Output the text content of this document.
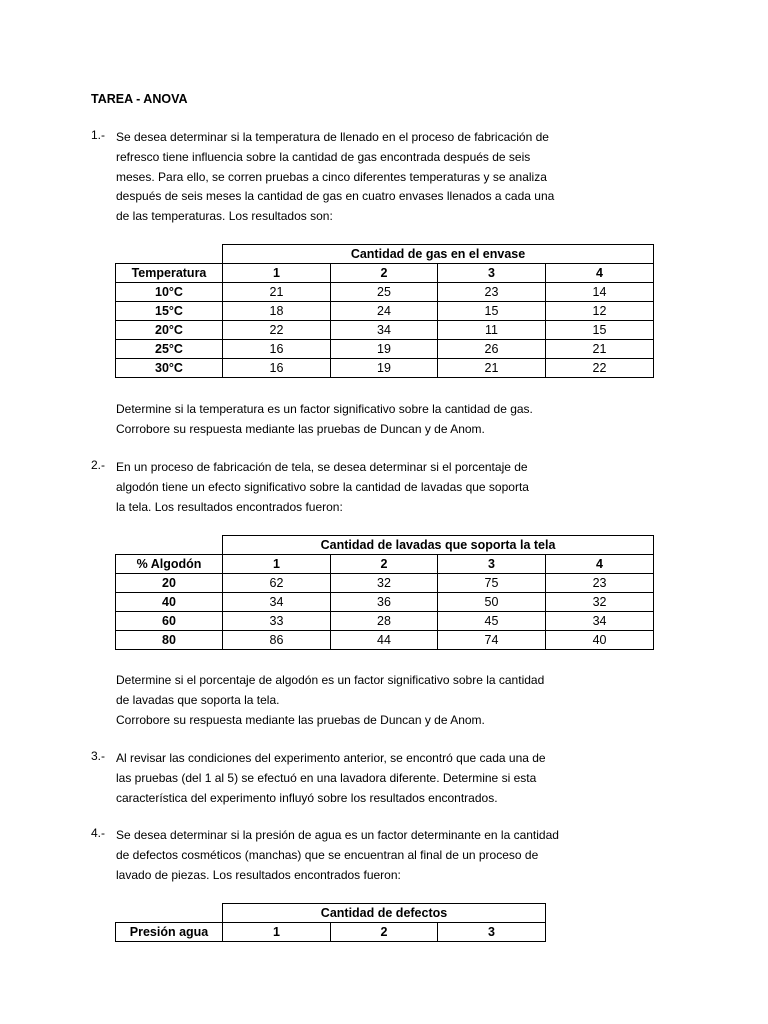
TAREA - ANOVA
1.- Se desea determinar si la temperatura de llenado en el proceso de fabricación de
refresco tiene influencia sobre la cantidad de gas encontrada después de seis
meses. Para ello, se corren pruebas a cinco diferentes temperaturas y se analiza
después de seis meses la cantidad de gas en cuatro envases llenados a cada una
de las temperaturas. Los resultados son:
	Cantidad de gas en el envase			
Temperatura	1	2	3	4
10°C	21	25	23	14
15°C	18	24	15	12
20°C	22	34	11	15
25°C	16	19	26	21
30°C	16	19	21	22
Determine si la temperatura es un factor significativo sobre la cantidad de gas.
Corrobore su respuesta mediante las pruebas de Duncan y de Anom.
2.- En un proceso de fabricación de tela, se desea determinar si el porcentaje de
algodón tiene un efecto significativo sobre la cantidad de lavadas que soporta
la tela. Los resultados encontrados fueron:
	Cantidad de lavadas que soporta la tela			
% Algodón	1	2	3	4
20	62	32	75	23
40	34	36	50	32
60	33	28	45	34
80	86	44	74	40
Determine si el porcentaje de algodón es un factor significativo sobre la cantidad
de lavadas que soporta la tela.
Corrobore su respuesta mediante las pruebas de Duncan y de Anom.
3.- Al revisar las condiciones del experimento anterior, se encontró que cada una de
las pruebas (del 1 al 5) se efectuó en una lavadora diferente. Determine si esta
característica del experimento influyó sobre los resultados encontrados.
4.- Se desea determinar si la presión de agua es un factor determinante en la cantidad
de defectos cosméticos (manchas) que se encuentran al final de un proceso de
lavado de piezas. Los resultados encontrados fueron:
	Cantidad de defectos		
Presión agua	1	2	3
